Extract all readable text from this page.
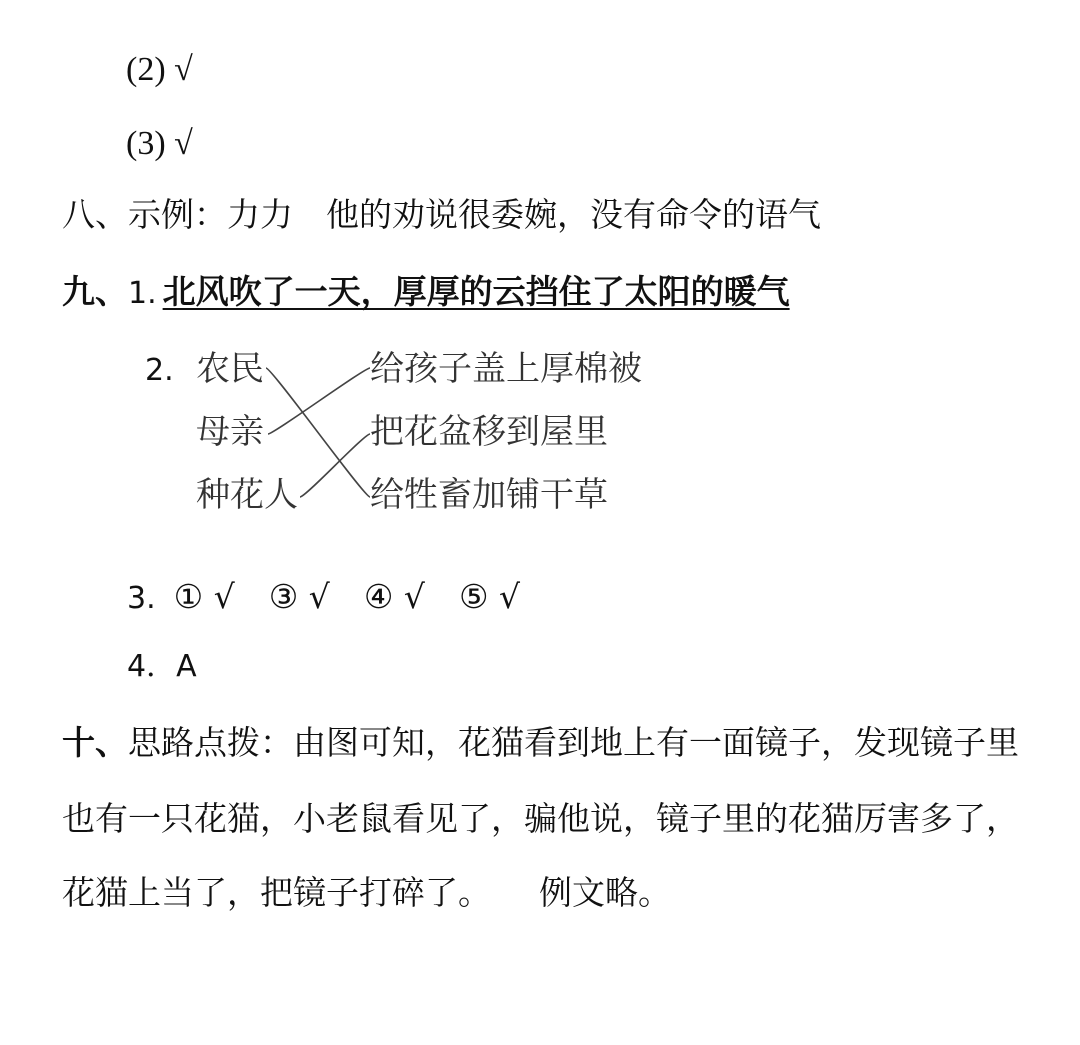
(2) √
(3) √
八、示例：力力　他的劝说很委婉，没有命令的语气
九、1. 北风吹了一天，厚厚的云挡住了太阳的暖气
2. 农民
母亲
种花人
给孩子盖上厚棉被
把花盆移到屋里
给牲畜加铺干草
3. ① √ ③ √ ④ √ ⑤ √
4．A
十、思路点拨：由图可知，花猫看到地上有一面镜子，发现镜子里
也有一只花猫，小老鼠看见了，骗他说，镜子里的花猫厉害多了，
花猫上当了，把镜子打碎了。 例文略。
